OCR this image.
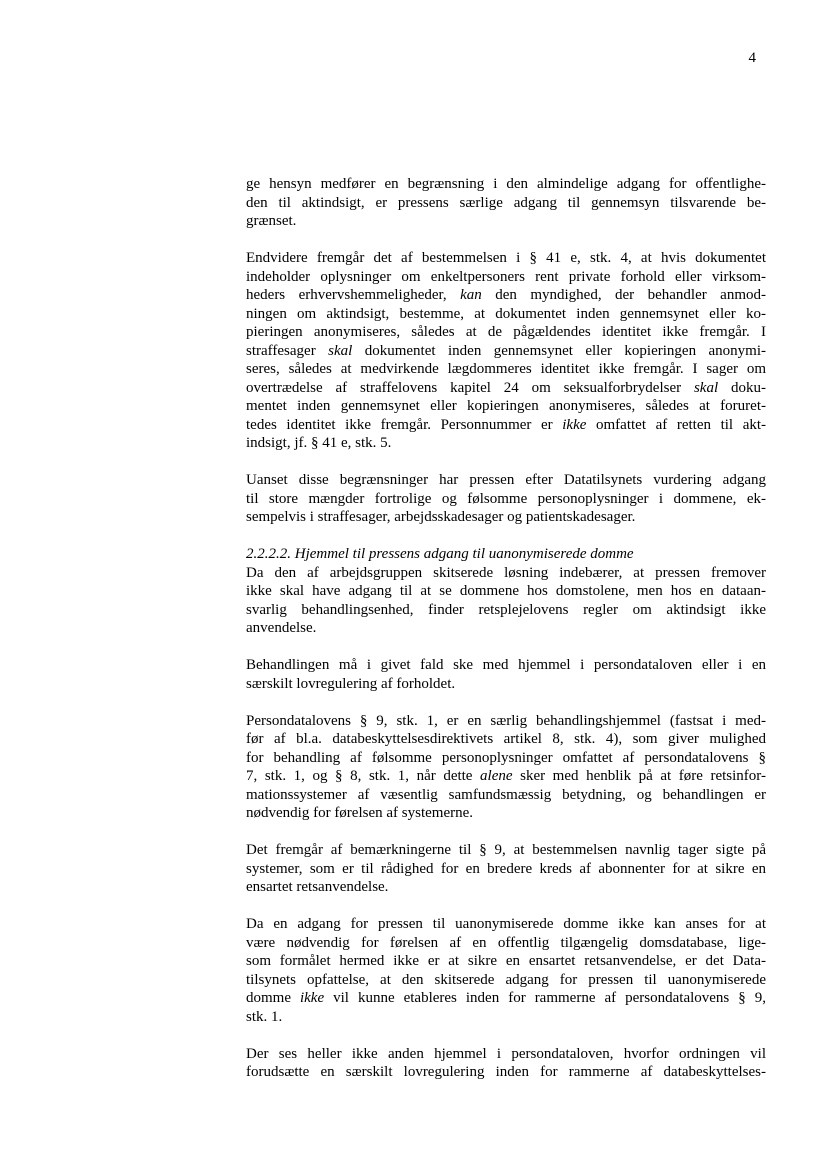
4

ge hensyn medfører en begrænsning i den almindelige adgang for offentlighe-
den til aktindsigt, er pressens særlige adgang til gennemsyn tilsvarende be-
grænset.

Endvidere fremgår det af bestemmelsen i § 41 e, stk. 4, at hvis dokumentet
indeholder oplysninger om enkeltpersoners rent private forhold eller virksom-
heders erhvervshemmeligheder, kan den myndighed, der behandler anmod-
ningen om aktindsigt, bestemme, at dokumentet inden gennemsynet eller ko-
pieringen anonymiseres, således at de pågældendes identitet ikke fremgår. I
straffesager skal dokumentet inden gennemsynet eller kopieringen anonymi-
seres, således at medvirkende lægdommeres identitet ikke fremgår. I sager om
overtrædelse af straffelovens kapitel 24 om seksualforbrydelser skal doku-
mentet inden gennemsynet eller kopieringen anonymiseres, således at foruret-
tedes identitet ikke fremgår. Personnummer er ikke omfattet af retten til akt-
indsigt, jf. § 41 e, stk. 5.

Uanset disse begrænsninger har pressen efter Datatilsynets vurdering adgang
til store mængder fortrolige og følsomme personoplysninger i dommene, ek-
sempelvis i straffesager, arbejdsskadesager og patientskadesager.

2.2.2.2. Hjemmel til pressens adgang til uanonymiserede domme
Da den af arbejdsgruppen skitserede løsning indebærer, at pressen fremover
ikke skal have adgang til at se dommene hos domstolene, men hos en dataan-
svarlig behandlingsenhed, finder retsplejelovens regler om aktindsigt ikke
anvendelse.

Behandlingen må i givet fald ske med hjemmel i persondataloven eller i en
særskilt lovregulering af forholdet.

Persondatalovens § 9, stk. 1, er en særlig behandlingshjemmel (fastsat i med-
før af bl.a. databeskyttelsesdirektivets artikel 8, stk. 4), som giver mulighed
for behandling af følsomme personoplysninger omfattet af persondatalovens §
7, stk. 1, og § 8, stk. 1, når dette alene sker med henblik på at føre retsinfor-
mationssystemer af væsentlig samfundsmæssig betydning, og behandlingen er
nødvendig for førelsen af systemerne.

Det fremgår af bemærkningerne til § 9, at bestemmelsen navnlig tager sigte på
systemer, som er til rådighed for en bredere kreds af abonnenter for at sikre en
ensartet retsanvendelse.

Da en adgang for pressen til uanonymiserede domme ikke kan anses for at
være nødvendig for førelsen af en offentlig tilgængelig domsdatabase, lige-
som formålet hermed ikke er at sikre en ensartet retsanvendelse, er det Data-
tilsynets opfattelse, at den skitserede adgang for pressen til uanonymiserede
domme ikke vil kunne etableres inden for rammerne af persondatalovens § 9,
stk. 1.

Der ses heller ikke anden hjemmel i persondataloven, hvorfor ordningen vil
forudsætte en særskilt lovregulering inden for rammerne af databeskyttelses-
